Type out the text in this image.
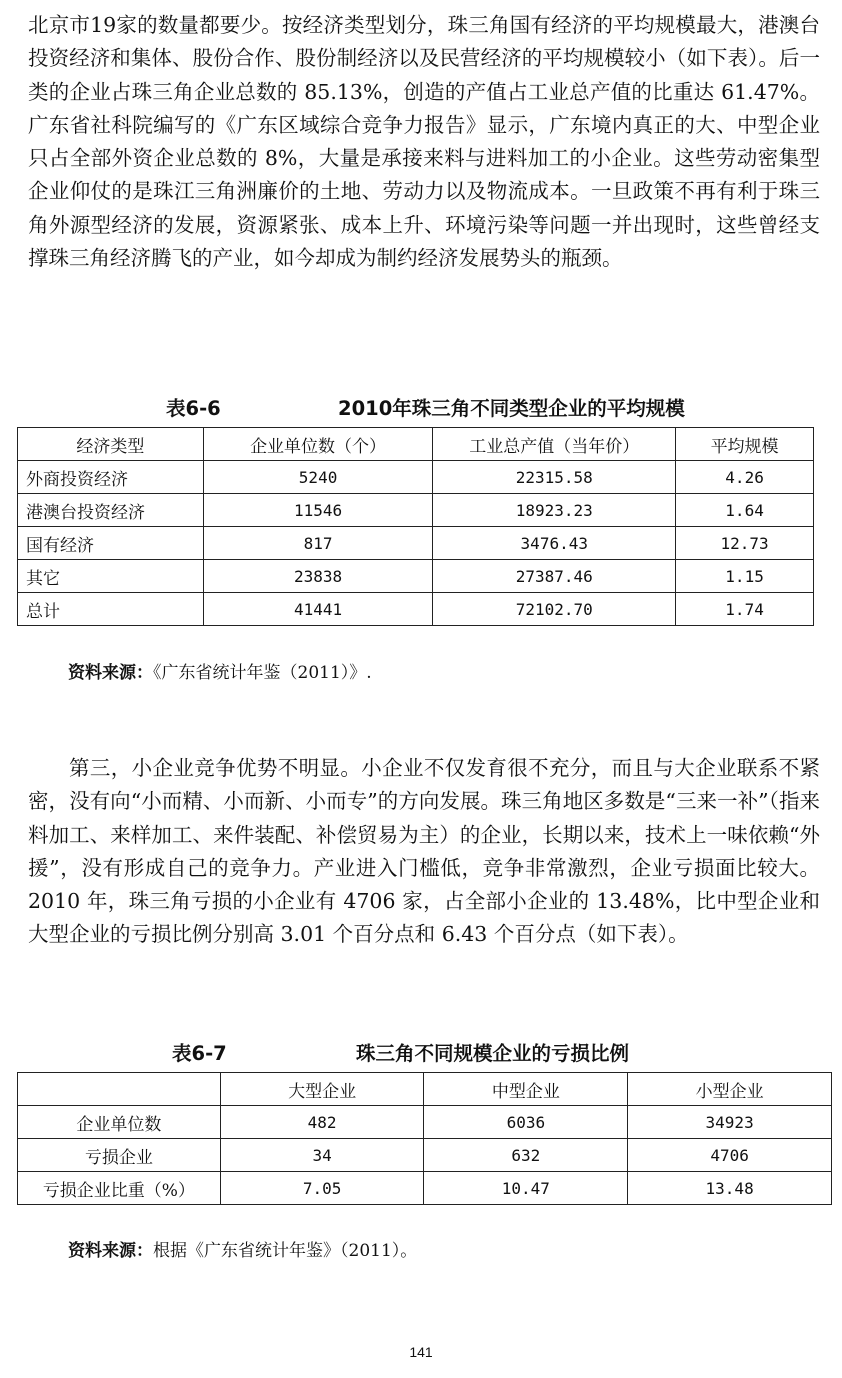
北京市19家的数量都要少。按经济类型划分，珠三角国有经济的平均规模最大，港澳台投资经济和集体、股份合作、股份制经济以及民营经济的平均规模较小（如下表）。后一类的企业占珠三角企业总数的 85.13%，创造的产值占工业总产值的比重达 61.47%。广东省社科院编写的《广东区域综合竞争力报告》显示，广东境内真正的大、中型企业只占全部外资企业总数的 8%，大量是承接来料与进料加工的小企业。这些劳动密集型企业仰仗的是珠江三角洲廉价的土地、劳动力以及物流成本。一旦政策不再有利于珠三角外源型经济的发展，资源紧张、成本上升、环境污染等问题一并出现时，这些曾经支撑珠三角经济腾飞的产业，如今却成为制约经济发展势头的瓶颈。

表6-6	2010年珠三角不同类型企业的平均规模
经济类型	企业单位数（个）	工业总产值（当年价）	平均规模
外商投资经济	5240	22315.58	4.26
港澳台投资经济	11546	18923.23	1.64
国有经济	817	3476.43	12.73
其它	23838	27387.46	1.15
总计	41441	72102.70	1.74
资料来源：《广东省统计年鉴（2011）》.

第三，小企业竞争优势不明显。小企业不仅发育很不充分，而且与大企业联系不紧密，没有向“小而精、小而新、小而专”的方向发展。珠三角地区多数是“三来一补”（指来料加工、来样加工、来件装配、补偿贸易为主）的企业，长期以来，技术上一味依赖“外援”，没有形成自己的竞争力。产业进入门槛低，竞争非常激烈，企业亏损面比较大。2010 年，珠三角亏损的小企业有 4706 家，占全部小企业的 13.48%，比中型企业和大型企业的亏损比例分别高 3.01 个百分点和 6.43 个百分点（如下表）。

表6-7	珠三角不同规模企业的亏损比例
	大型企业	中型企业	小型企业
企业单位数	482	6036	34923
亏损企业	34	632	4706
亏损企业比重（%）	7.05	10.47	13.48
资料来源：根据《广东省统计年鉴》（2011）。
141
